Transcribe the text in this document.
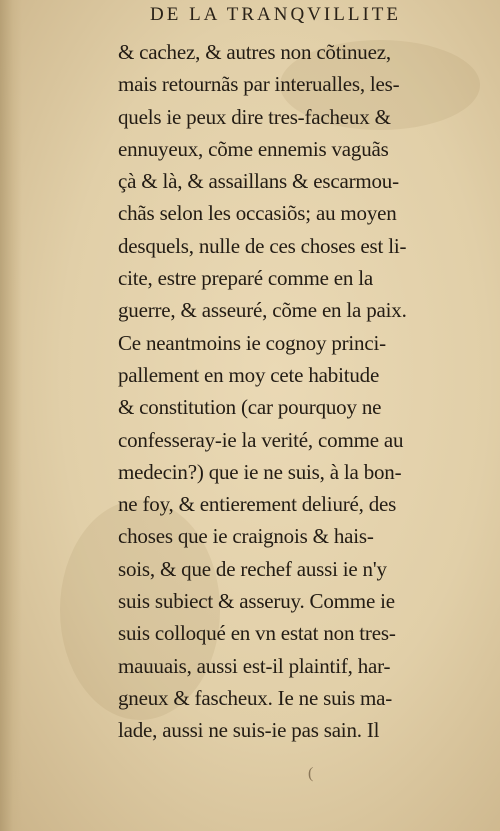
DE LA TRANQVILLITE
& cachez, & autres non cõtinuez,
mais retournãs par interualles, les-
quels ie peux dire tres-facheux &
ennuyeux, cõme ennemis vaguãs
çà & là, & assaillans & escarmou-
chãs selon les occasiõs; au moyen
desquels, nulle de ces choses est li-
cite, estre preparé comme en la
guerre, & asseuré, cõme en la paix.
Ce neantmoins ie cognoy princi-
pallement en moy cete habitude
& constitution (car pourquoy ne
confesseray-ie la verité, comme au
medecin?) que ie ne suis, à la bon-
ne foy, & entierement deliuré, des
choses que ie craignois & hais-
sois, & que de rechef aussi ie n'y
suis subiect & asseruy. Comme ie
suis colloqué en vn estat non tres-
mauuais, aussi est-il plaintif, har-
gneux & fascheux. Ie ne suis ma-
lade, aussi ne suis-ie pas sain. Il
(
